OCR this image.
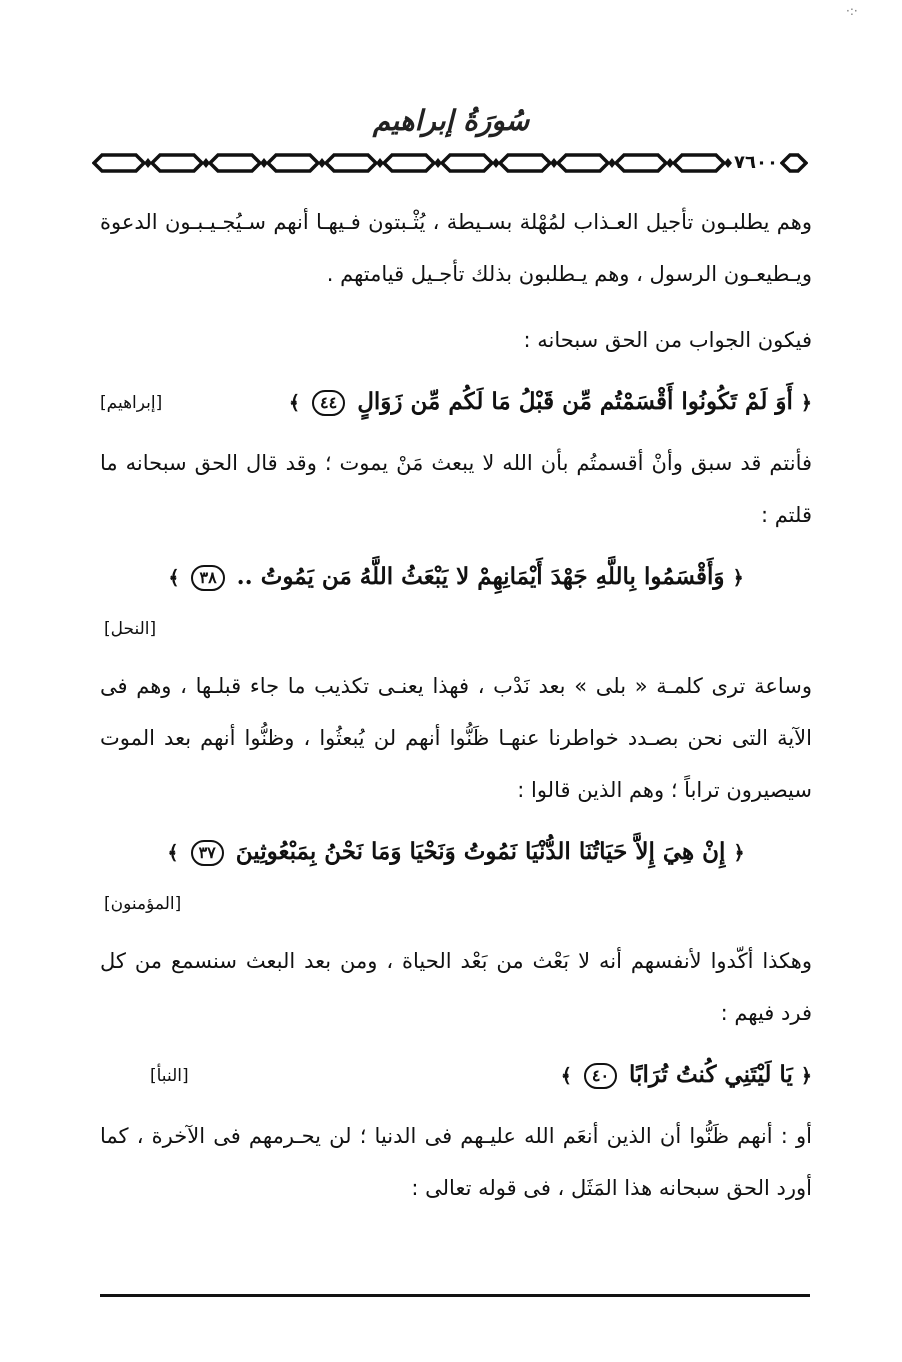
·:·
سُورَةُ إبراهيم
٧٦٠٠

وهم يطلبـون تأجيل العـذاب لمُهْلة بسـيطة ، يُثْـبتون فـيهـا أنهم سـيُجـيـبـون الدعوة ويـطيعـون الرسول ، وهم يـطلبون بذلك تأجـيل قيامتهم .

فيكون الجواب من الحق سبحانه :

﴿ أَوَ لَمْ تَكُونُوا أَقْسَمْتُم مِّن قَبْلُ مَا لَكُم مِّن زَوَالٍ ٤٤ ﴾
[إبراهيم]

فأنتم قد سبق وأنْ أقسمتُم بأن الله لا يبعث مَنْ يموت ؛ وقد قال الحق سبحانه ما قلتم :

﴿ وَأَقْسَمُوا بِاللَّهِ جَهْدَ أَيْمَانِهِمْ لا يَبْعَثُ اللَّهُ مَن يَمُوتُ .. ٣٨ ﴾
[النحل]

وساعة ترى كلمـة « بلى » بعد نَدْب ، فهذا يعنـى تكذيب ما جاء قبلـها ، وهم فى الآية التى نحن بصـدد خواطرنا عنهـا ظَنُّوا أنهم لن يُبعثُوا ، وظنُّوا أنهم بعد الموت سيصيرون تراباً ؛ وهم الذين قالوا :

﴿ إِنْ هِيَ إِلاَّ حَيَاتُنَا الدُّنْيَا نَمُوتُ وَنَحْيَا وَمَا نَحْنُ بِمَبْعُوثِينَ ٣٧ ﴾
[المؤمنون]

وهكذا أكّدوا لأنفسهم أنه لا بَعْث من بَعْد الحياة ، ومن بعد البعث سنسمع من كل فرد فيهم :

﴿ يَا لَيْتَنِي كُنتُ تُرَابًا ٤٠ ﴾
[النبأ]

أو : أنهم ظَنُّوا أن الذين أنعَم الله عليـهم فى الدنيا ؛ لن يحـرمهم فى الآخرة ، كما أورد الحق سبحانه هذا المَثَل ، فى قوله تعالى :
